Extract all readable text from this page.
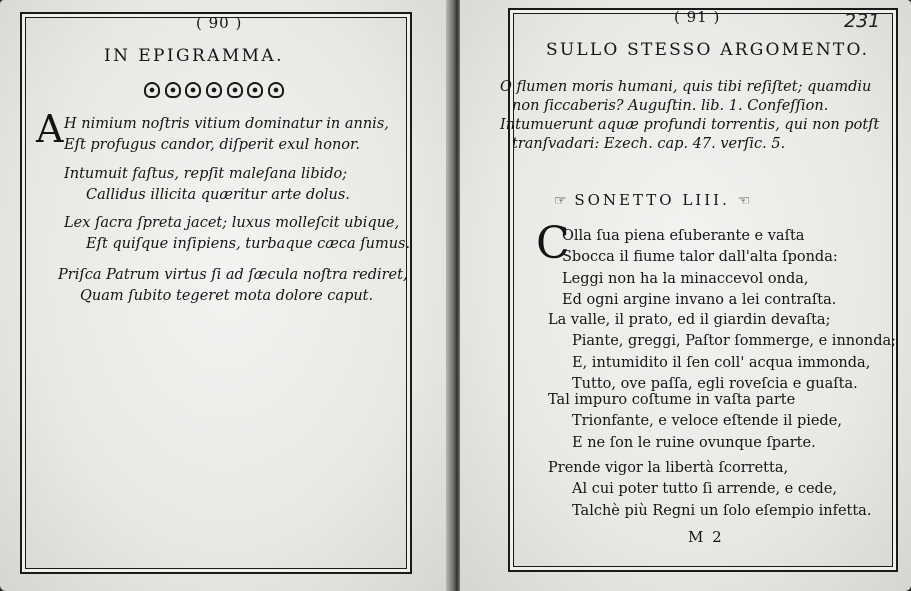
( 90 )
IN EPIGRAMMA.
A H nimium noſtris vitium dominatur in annis,
Eſt profugus candor, diſperit exul honor.
Intumuit faſtus, repſit maleſana libido;
Callidus illicita quæritur arte dolus.
Lex ſacra ſpreta jacet; luxus molleſcit ubique,
Eſt quiſque inſipiens, turbaque cæca ſumus.
Priſca Patrum virtus ſi ad ſæcula noſtra rediret,
Quam ſubito tegeret mota dolore caput.
( 91 )	231
SULLO STESSO ARGOMENTO.
O flumen moris humani, quis tibi reſiſtet; quamdiu
non ſiccaberis? Auguſtin. lib. 1. Confeſſion.
Intumuerunt aquæ profundi torrentis, qui non potſt
tranſvadari: Ezech. cap. 47. verſic. 5.
☞ SONETTO LIII. ☜
C
Olla ſua piena eſuberante e vaſta
Sbocca il fiume talor dall'alta ſponda:
Leggi non ha la minaccevol onda,
Ed ogni argine invano a lei contraſta.
La valle, il prato, ed il giardin devaſta;
Piante, greggi, Paſtor ſommerge, e innonda;
E, intumidito il ſen coll' acqua immonda,
Tutto, ove paſſa, egli roveſcia e guaſta.
Tal impuro coſtume in vaſta parte
Trionfante, e veloce eſtende il piede,
E ne ſon le ruine ovunque ſparte.
Prende vigor la libertà ſcorretta,
Al cui poter tutto ſi arrende, e cede,
Talchè più Regni un ſolo eſempio infetta.
M 2
